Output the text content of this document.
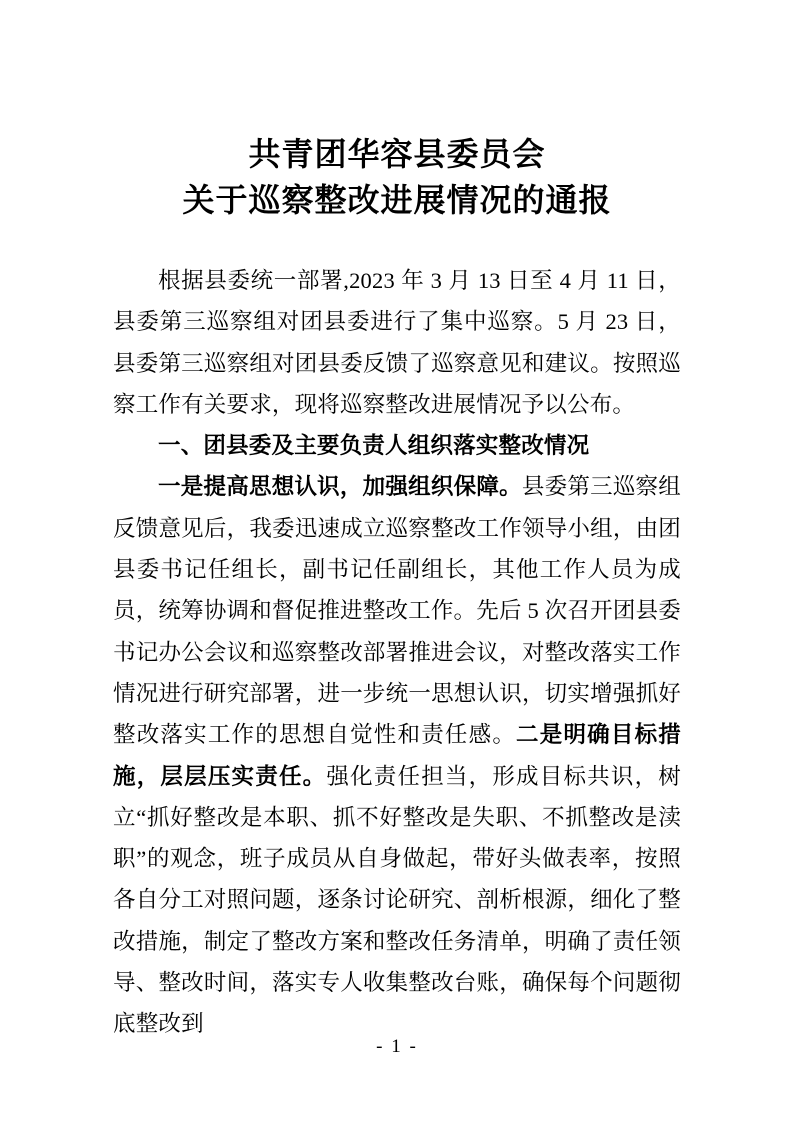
共青团华容县委员会
关于巡察整改进展情况的通报

根据县委统一部署,2023 年 3 月 13 日至 4 月 11 日，县委第三巡察组对团县委进行了集中巡察。5 月 23 日，县委第三巡察组对团县委反馈了巡察意见和建议。按照巡察工作有关要求，现将巡察整改进展情况予以公布。

一、团县委及主要负责人组织落实整改情况

一是提高思想认识，加强组织保障。县委第三巡察组反馈意见后，我委迅速成立巡察整改工作领导小组，由团县委书记任组长，副书记任副组长，其他工作人员为成员，统筹协调和督促推进整改工作。先后 5 次召开团县委书记办公会议和巡察整改部署推进会议，对整改落实工作情况进行研究部署，进一步统一思想认识，切实增强抓好整改落实工作的思想自觉性和责任感。二是明确目标措施，层层压实责任。强化责任担当，形成目标共识，树立“抓好整改是本职、抓不好整改是失职、不抓整改是渎职”的观念，班子成员从自身做起，带好头做表率，按照各自分工对照问题，逐条讨论研究、剖析根源，细化了整改措施，制定了整改方案和整改任务清单，明确了责任领导、整改时间，落实专人收集整改台账，确保每个问题彻底整改到

- 1 -
